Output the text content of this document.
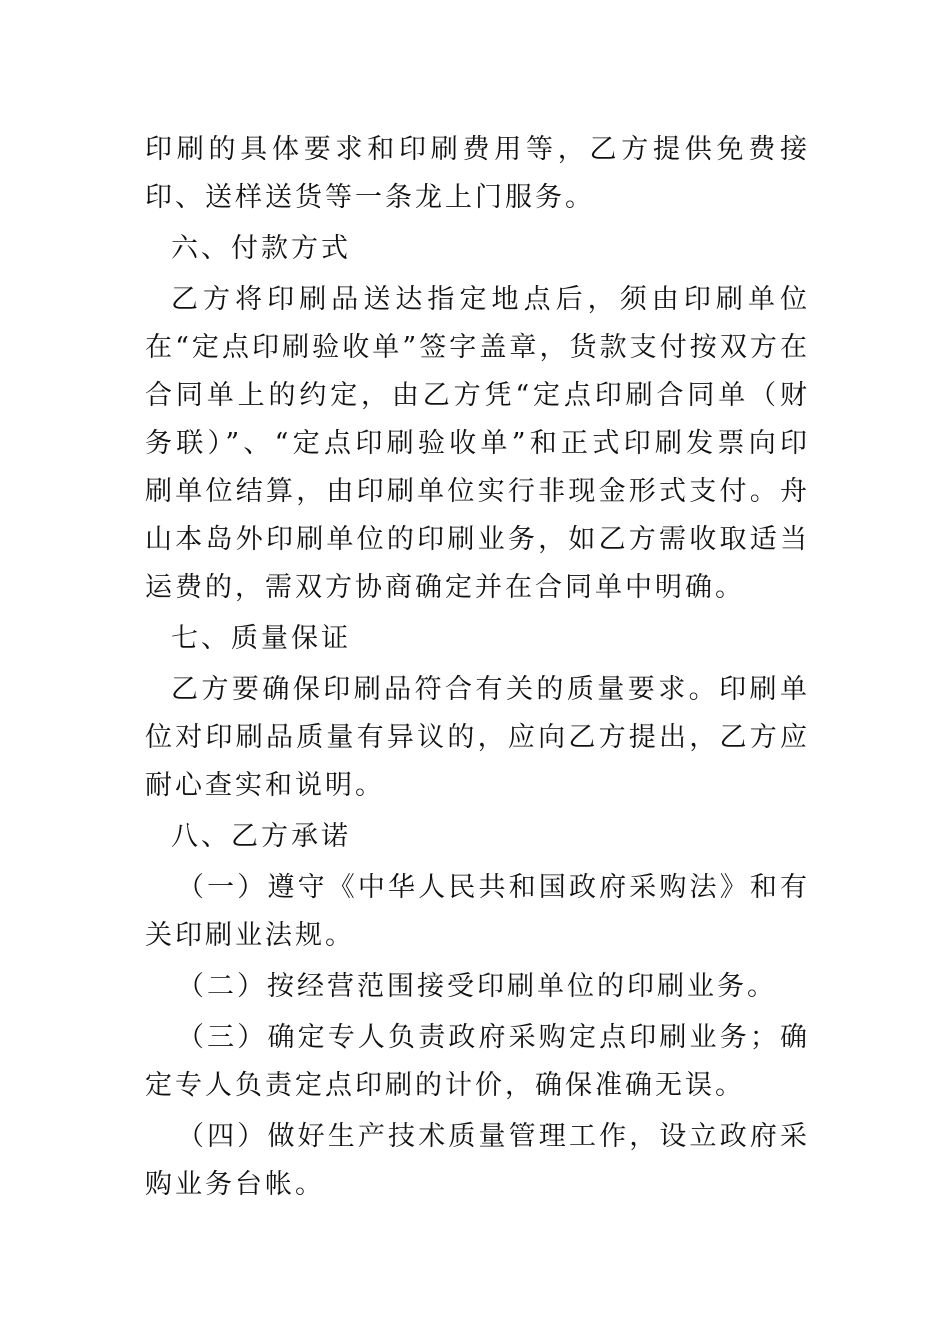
印刷的具体要求和印刷费用等，乙方提供免费接印、送样送货等一条龙上门服务。

六、付款方式

乙方将印刷品送达指定地点后，须由印刷单位在“定点印刷验收单”签字盖章，货款支付按双方在合同单上的约定，由乙方凭“定点印刷合同单（财务联）”、“定点印刷验收单”和正式印刷发票向印刷单位结算，由印刷单位实行非现金形式支付。舟山本岛外印刷单位的印刷业务，如乙方需收取适当运费的，需双方协商确定并在合同单中明确。

七、质量保证

乙方要确保印刷品符合有关的质量要求。印刷单位对印刷品质量有异议的，应向乙方提出，乙方应耐心查实和说明。

八、乙方承诺

（一）遵守《中华人民共和国政府采购法》和有关印刷业法规。

（二）按经营范围接受印刷单位的印刷业务。

（三）确定专人负责政府采购定点印刷业务；确定专人负责定点印刷的计价，确保准确无误。

（四）做好生产技术质量管理工作，设立政府采购业务台帐。
